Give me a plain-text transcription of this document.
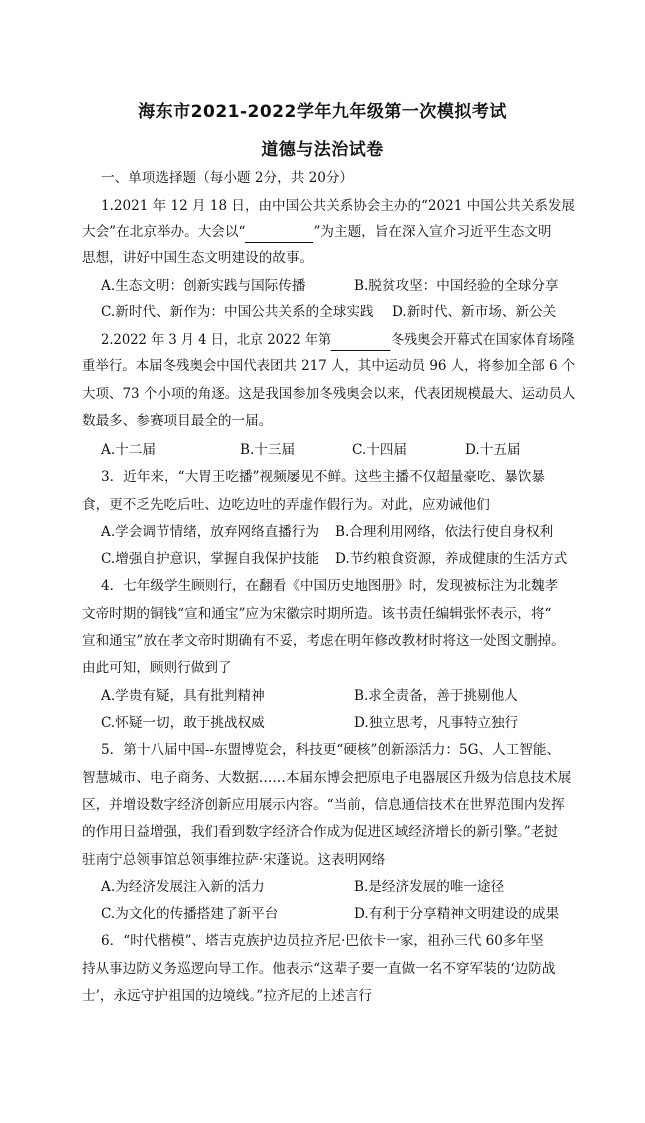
海东市2021-2022学年九年级第一次模拟考试
道德与法治试卷
一、单项选择题（每小题 2分，共 20分）
1.2021 年 12 月 18 日，由中国公共关系协会主办的“2021 中国公共关系发展
大会”在北京举办。大会以“	”为主题，旨在深入宣介习近平生态文明
思想，讲好中国生态文明建设的故事。
A.生态文明：创新实践与国际传播	B.脱贫攻坚：中国经验的全球分享
C.新时代、新作为：中国公共关系的全球实践 D.新时代、新市场、新公关
2.2022 年 3 月 4 日，北京 2022 年第	冬残奥会开幕式在国家体育场隆
重举行。本届冬残奥会中国代表团共 217 人，其中运动员 96 人，将参加全部 6 个
大项、73 个小项的角逐。这是我国参加冬残奥会以来，代表团规模最大、运动员人
数最多、参赛项目最全的一届。
A.十二届	B.十三届	C.十四届	D.十五届
3．近年来，“大胃王吃播”视频屡见不鲜。这些主播不仅超量豪吃、暴饮暴
食，更不乏先吃后吐、边吃边吐的弄虚作假行为。对此，应劝诫他们
A.学会调节情绪，放弃网络直播行为 B.合理利用网络，依法行使自身权利
C.增强自护意识，掌握自我保护技能 D.节约粮食资源，养成健康的生活方式
4．七年级学生顾则行，在翻看《中国历史地图册》时，发现被标注为北魏孝
文帝时期的铜钱“宣和通宝”应为宋徽宗时期所造。该书责任编辑张怀表示，将“
宣和通宝”放在孝文帝时期确有不妥，考虑在明年修改教材时将这一处图文删掉。
由此可知，顾则行做到了
A.学贵有疑，具有批判精神	B.求全责备，善于挑剔他人
C.怀疑一切，敢于挑战权威	D.独立思考，凡事特立独行
5．第十八届中国--东盟博览会，科技更“硬核”创新添活力：5G、人工智能、
智慧城市、电子商务、大数据……本届东博会把原电子电器展区升级为信息技术展
区，并增设数字经济创新应用展示内容。“当前，信息通信技术在世界范围内发挥
的作用日益增强，我们看到数字经济合作成为促进区域经济增长的新引擎。”老挝
驻南宁总领事馆总领事维拉萨·宋蓬说。这表明网络
A.为经济发展注入新的活力	B.是经济发展的唯一途径
C.为文化的传播搭建了新平台	D.有利于分享精神文明建设的成果
6．“时代楷模”、塔吉克族护边员拉齐尼·巴依卡一家，祖孙三代 60多年坚
持从事边防义务巡逻向导工作。他表示“这辈子要一直做一名不穿军装的‘边防战
士’，永远守护祖国的边境线。”拉齐尼的上述言行
